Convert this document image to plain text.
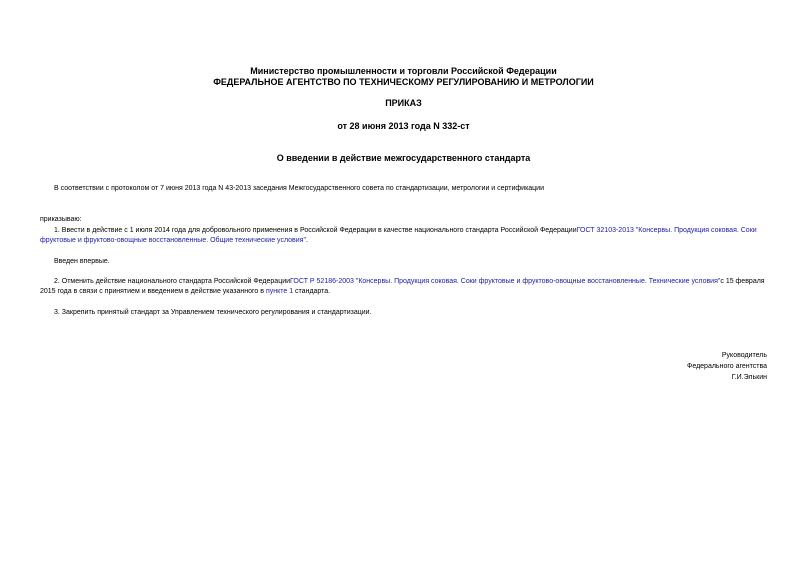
Министерство промышленности и торговли Российской Федерации
ФЕДЕРАЛЬНОЕ АГЕНТСТВО ПО ТЕХНИЧЕСКОМУ РЕГУЛИРОВАНИЮ И МЕТРОЛОГИИ
ПРИКАЗ
от 28 июня 2013 года N 332-ст
О введении в действие межгосударственного стандарта
В соответствии с протоколом от 7 июня 2013 года N 43-2013 заседания Межгосударственного совета по стандартизации, метрологии и сертификации
приказываю:
1. Ввести в действие с 1 июля 2014 года для добровольного применения в Российской Федерации в качестве национального стандарта Российской ФедерацииГОСТ 32103-2013 "Консервы. Продукция соковая. Соки фруктовые и фруктово-овощные восстановленные. Общие технические условия".
Введен впервые.
2. Отменить действие национального стандарта Российской ФедерацииГОСТ Р 52186-2003 "Консервы. Продукция соковая. Соки фруктовые и фруктово-овощные восстановленные. Технические условия"с 15 февраля 2015 года в связи с принятием и введением в действие указанного в пункте 1 стандарта.
3. Закрепить принятый стандарт за Управлением технического регулирования и стандартизации.
Руководитель
Федерального агентства
Г.И.Элькин
